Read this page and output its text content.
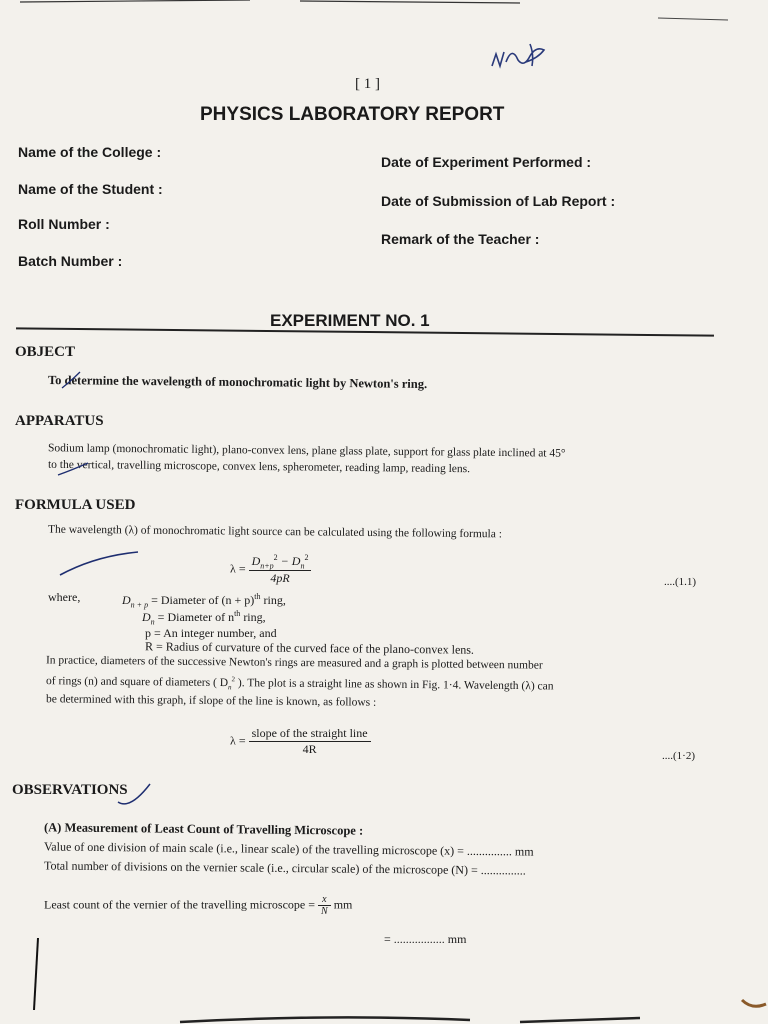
[ 1 ]
PHYSICS LABORATORY REPORT
Name of the College :
Name of the Student :
Roll Number :
Batch Number :
Date of Experiment Performed :
Date of Submission of Lab Report :
Remark of the Teacher :
EXPERIMENT NO. 1
OBJECT
To determine the wavelength of monochromatic light by Newton's ring.
APPARATUS
Sodium lamp (monochromatic light), plano-convex lens, plane glass plate, support for glass plate inclined at 45°
to the vertical, travelling microscope, convex lens, spherometer, reading lamp, reading lens.
FORMULA USED
The wavelength (λ) of monochromatic light source can be calculated using the following formula :
$\lambda = \frac{D_{n+p}^2 - D_n^2}{4pR}$	....(1.1)
where,	$D_{n + p}$ = Diameter of $(n + p)^{th}$ ring,
$D_n$ = Diameter of $n^{th}$ ring,
p = An integer number, and
R = Radius of curvature of the curved face of the plano-convex lens.
In practice, diameters of the successive Newton's rings are measured and a graph is plotted between number
of rings (n) and square of diameters ( $D_n^2$ ). The plot is a straight line as shown in Fig. 1·4. Wavelength (λ) can
be determined with this graph, if slope of the line is known, as follows :
$\lambda = \frac{\text{slope of the straight line}}{4R}$	....(1·2)
OBSERVATIONS
(A) Measurement of Least Count of Travelling Microscope :
Value of one division of main scale (i.e., linear scale) of the travelling microscope (x) = ............... mm
Total number of divisions on the vernier scale (i.e., circular scale) of the microscope (N) = ...............
Least count of the vernier of the travelling microscope = $\frac{x}{N}$ mm
= ................. mm
